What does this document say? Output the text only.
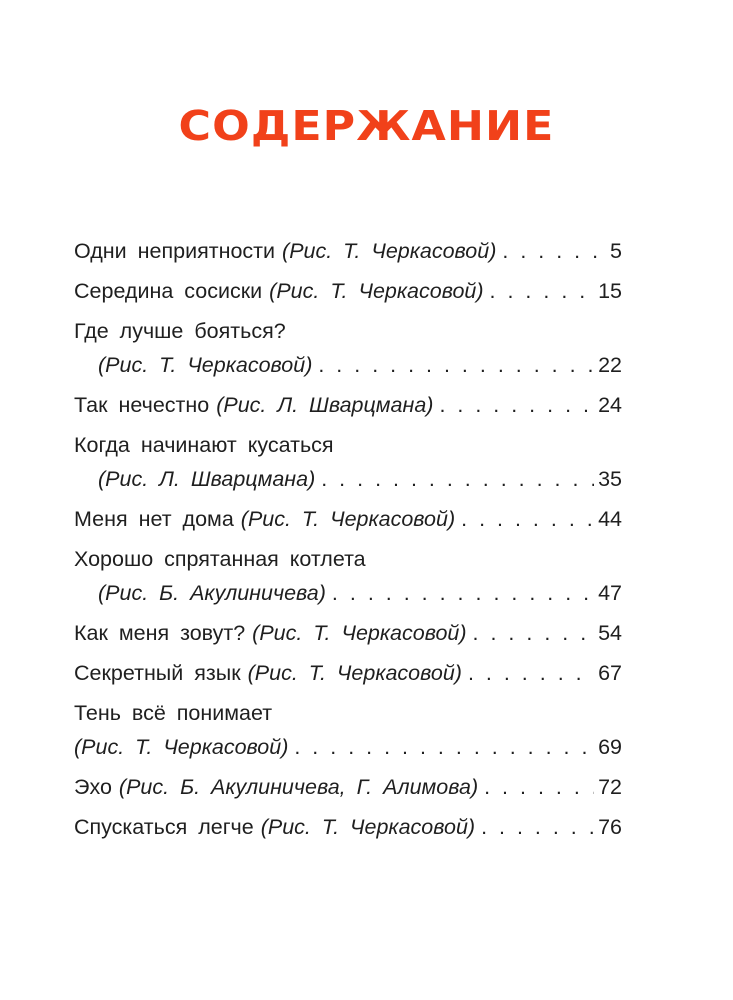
СОДЕРЖАНИЕ
Одни неприятности (Рис. Т. Черкасовой) . . .	5
Середина сосиски (Рис. Т. Черкасовой) . . .	15
Где лучше бояться?
(Рис. Т. Черкасовой) . . .	22
Так нечестно (Рис. Л. Шварцмана) . . .	24
Когда начинают кусаться
(Рис. Л. Шварцмана) . . .	35
Меня нет дома (Рис. Т. Черкасовой) . . .	44
Хорошо спрятанная котлета
(Рис. Б. Акулиничева) . . .	47
Как меня зовут? (Рис. Т. Черкасовой) . . .	54
Секретный язык (Рис. Т. Черкасовой) . . .	67
Тень всё понимает
(Рис. Т. Черкасовой) . . .	69
Эхо (Рис. Б. Акулиничева, Г. Алимова) . . .	72
Спускаться легче (Рис. Т. Черкасовой) . . .	76
